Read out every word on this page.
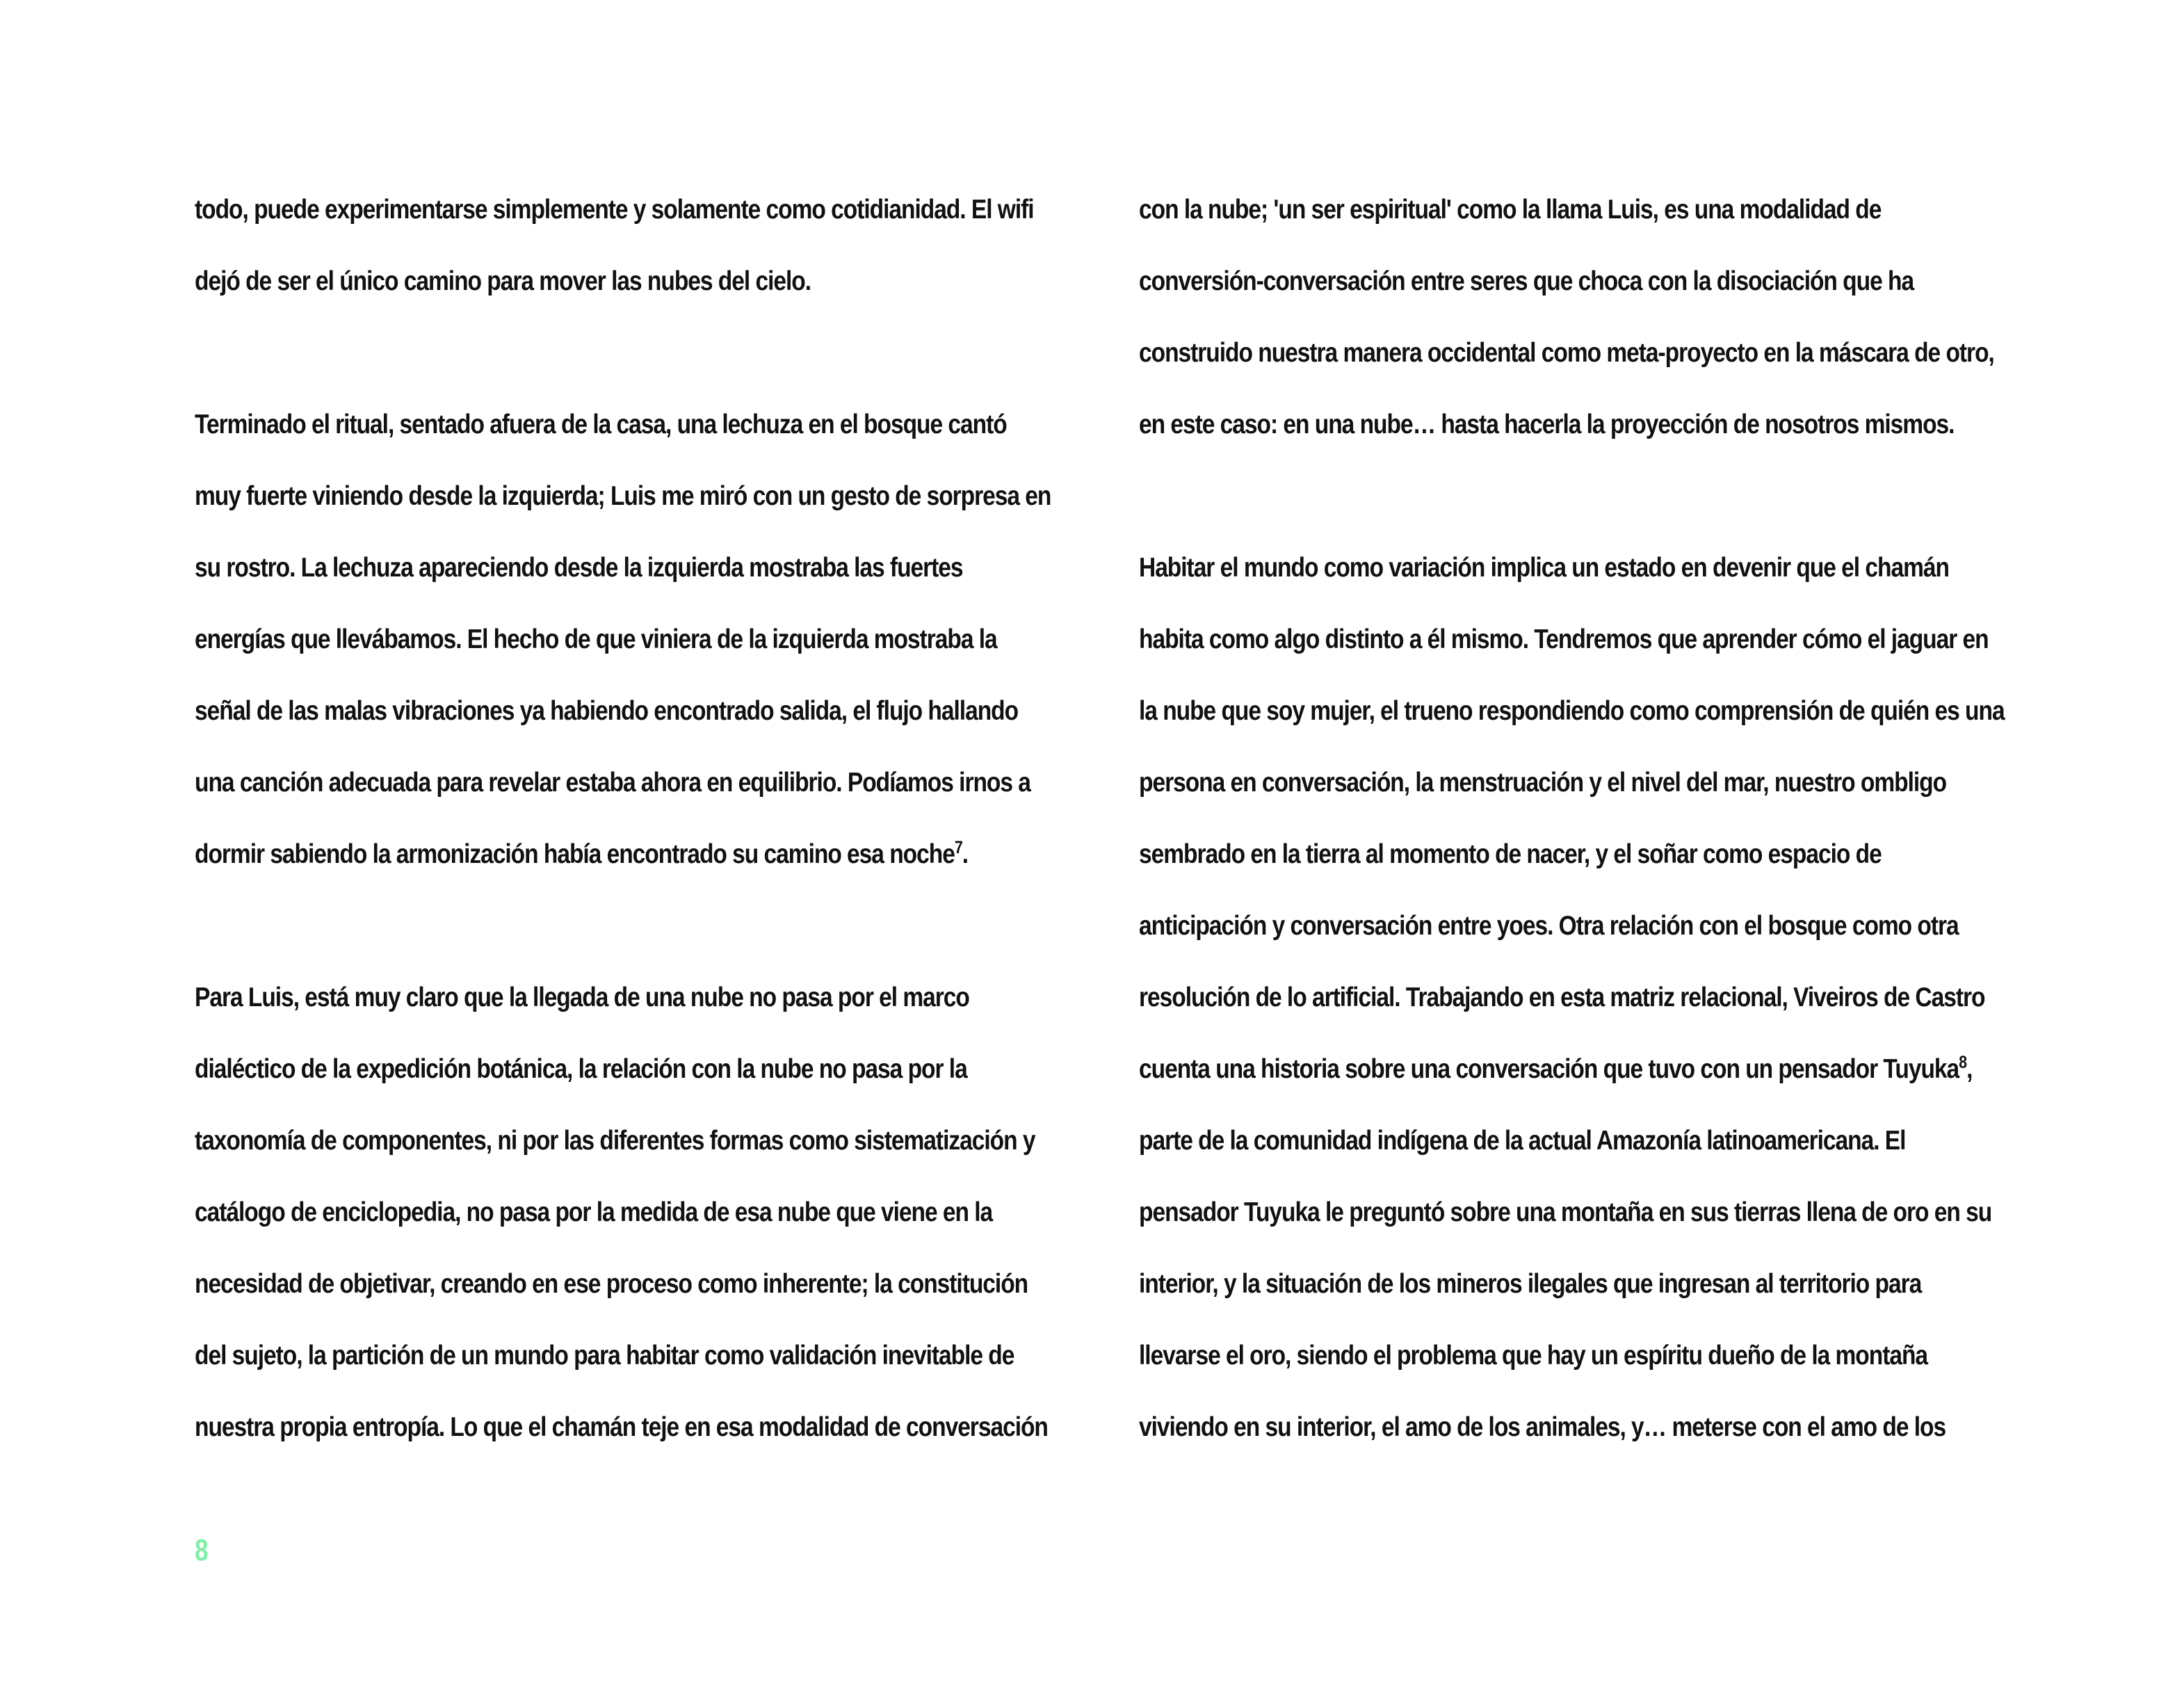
todo, puede experimentarse simplemente y solamente como cotidianidad. El wifi
dejó de ser el único camino para mover las nubes del cielo.
Terminado el ritual, sentado afuera de la casa, una lechuza en el bosque cantó
muy fuerte viniendo desde la izquierda; Luis me miró con un gesto de sorpresa en
su rostro. La lechuza apareciendo desde la izquierda mostraba las fuertes
energías que llevábamos. El hecho de que viniera de la izquierda mostraba la
señal de las malas vibraciones ya habiendo encontrado salida, el flujo hallando
una canción adecuada para revelar estaba ahora en equilibrio. Podíamos irnos a
dormir sabiendo la armonización había encontrado su camino esa noche$^7$.
Para Luis, está muy claro que la llegada de una nube no pasa por el marco
dialéctico de la expedición botánica, la relación con la nube no pasa por la
taxonomía de componentes, ni por las diferentes formas como sistematización y
catálogo de enciclopedia, no pasa por la medida de esa nube que viene en la
necesidad de objetivar, creando en ese proceso como inherente; la constitución
del sujeto, la partición de un mundo para habitar como validación inevitable de
nuestra propia entropía. Lo que el chamán teje en esa modalidad de conversación
con la nube; 'un ser espiritual' como la llama Luis, es una modalidad de
conversión-conversación entre seres que choca con la disociación que ha
construido nuestra manera occidental como meta-proyecto en la máscara de otro,
en este caso: en una nube… hasta hacerla la proyección de nosotros mismos.
Habitar el mundo como variación implica un estado en devenir que el chamán
habita como algo distinto a él mismo. Tendremos que aprender cómo el jaguar en
la nube que soy mujer, el trueno respondiendo como comprensión de quién es una
persona en conversación, la menstruación y el nivel del mar, nuestro ombligo
sembrado en la tierra al momento de nacer, y el soñar como espacio de
anticipación y conversación entre yoes. Otra relación con el bosque como otra
resolución de lo artificial. Trabajando en esta matriz relacional, Viveiros de Castro
cuenta una historia sobre una conversación que tuvo con un pensador Tuyuka$^8$,
parte de la comunidad indígena de la actual Amazonía latinoamericana. El
pensador Tuyuka le preguntó sobre una montaña en sus tierras llena de oro en su
interior, y la situación de los mineros ilegales que ingresan al territorio para
llevarse el oro, siendo el problema que hay un espíritu dueño de la montaña
viviendo en su interior, el amo de los animales, y… meterse con el amo de los
8
